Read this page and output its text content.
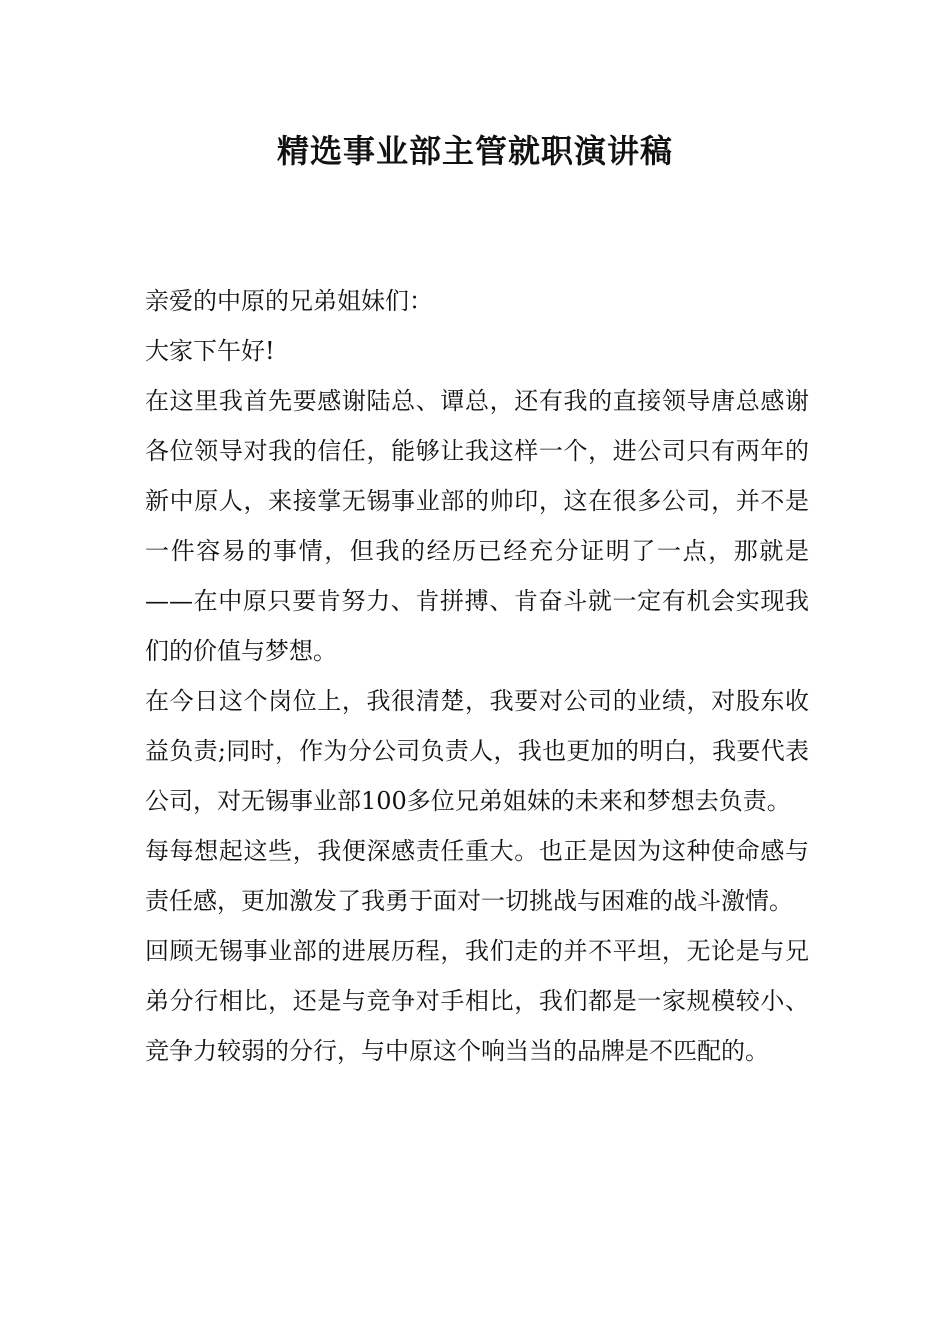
精选事业部主管就职演讲稿

亲爱的中原的兄弟姐妹们：

大家下午好!

在这里我首先要感谢陆总、谭总，还有我的直接领导唐总感谢各位领导对我的信任，能够让我这样一个，进公司只有两年的新中原人，来接掌无锡事业部的帅印，这在很多公司，并不是一件容易的事情，但我的经历已经充分证明了一点，那就是——在中原只要肯努力、肯拼搏、肯奋斗就一定有机会实现我们的价值与梦想。

在今日这个岗位上，我很清楚，我要对公司的业绩，对股东收益负责;同时，作为分公司负责人，我也更加的明白，我要代表公司，对无锡事业部100多位兄弟姐妹的未来和梦想去负责。

每每想起这些，我便深感责任重大。也正是因为这种使命感与责任感，更加激发了我勇于面对一切挑战与困难的战斗激情。

回顾无锡事业部的进展历程，我们走的并不平坦，无论是与兄弟分行相比，还是与竞争对手相比，我们都是一家规模较小、竞争力较弱的分行，与中原这个响当当的品牌是不匹配的。
